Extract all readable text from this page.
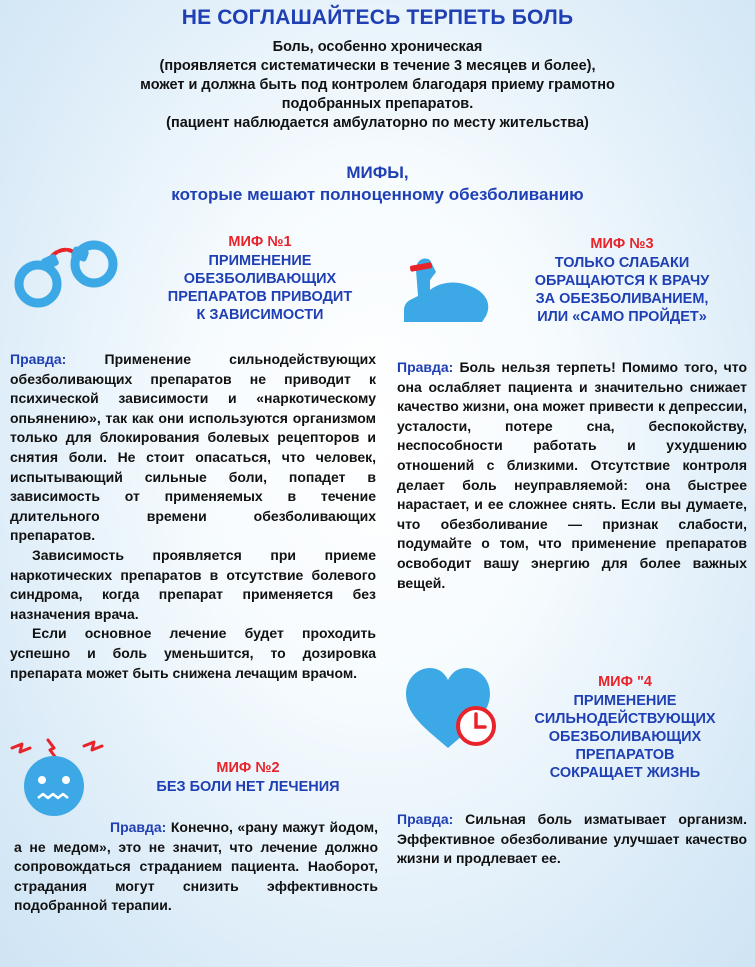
НЕ СОГЛАШАЙТЕСЬ ТЕРПЕТЬ БОЛЬ
Боль, особенно хроническая
(проявляется систематически в течение 3 месяцев и более),
может и должна быть под контролем благодаря приему грамотно
подобранных препаратов.
(пациент наблюдается амбулаторно по месту жительства)
МИФЫ,
которые мешают полноценному обезболиванию
МИФ №1
ПРИМЕНЕНИЕ
ОБЕЗБОЛИВАЮЩИХ
ПРЕПАРАТОВ ПРИВОДИТ
К ЗАВИСИМОСТИ
Правда: Применение сильнодействующих обезболивающих препаратов не приводит к психической зависимости и «наркотическому опьянению», так как они используются организмом только для блокирования болевых рецепторов и снятия боли. Не стоит опасаться, что человек, испытывающий сильные боли, попадет в зависимость от применяемых в течение длительного времени обезболивающих препаратов.
Зависимость проявляется при приеме наркотических препаратов в отсутствие болевого синдрома, когда препарат применяется без назначения врача.
Если основное лечение будет проходить успешно и боль уменьшится, то дозировка препарата может быть снижена лечащим врачом.
МИФ №2
БЕЗ БОЛИ НЕТ ЛЕЧЕНИЯ
Правда: Конечно, «рану мажут йодом, а не медом», это не значит, что лечение должно сопровождаться страданием пациента. Наоборот, страдания могут снизить эффективность подобранной терапии.
МИФ №3
ТОЛЬКО СЛАБАКИ
ОБРАЩАЮТСЯ К ВРАЧУ
ЗА ОБЕЗБОЛИВАНИЕМ,
ИЛИ «САМО ПРОЙДЕТ»
Правда: Боль нельзя терпеть! Помимо того, что она ослабляет пациента и значительно снижает качество жизни, она может привести к депрессии, усталости, потере сна, беспокойству, неспособности работать и ухудшению отношений с близкими. Отсутствие контроля делает боль неуправляемой: она быстрее нарастает, и ее сложнее снять. Если вы думаете, что обезболивание — признак слабости, подумайте о том, что применение препаратов освободит вашу энергию для более важных вещей.
МИФ "4
ПРИМЕНЕНИЕ
СИЛЬНОДЕЙСТВУЮЩИХ
ОБЕЗБОЛИВАЮЩИХ
ПРЕПАРАТОВ
СОКРАЩАЕТ ЖИЗНЬ
Правда: Сильная боль изматывает организм. Эффективное обезболивание улучшает качество жизни и продлевает ее.
